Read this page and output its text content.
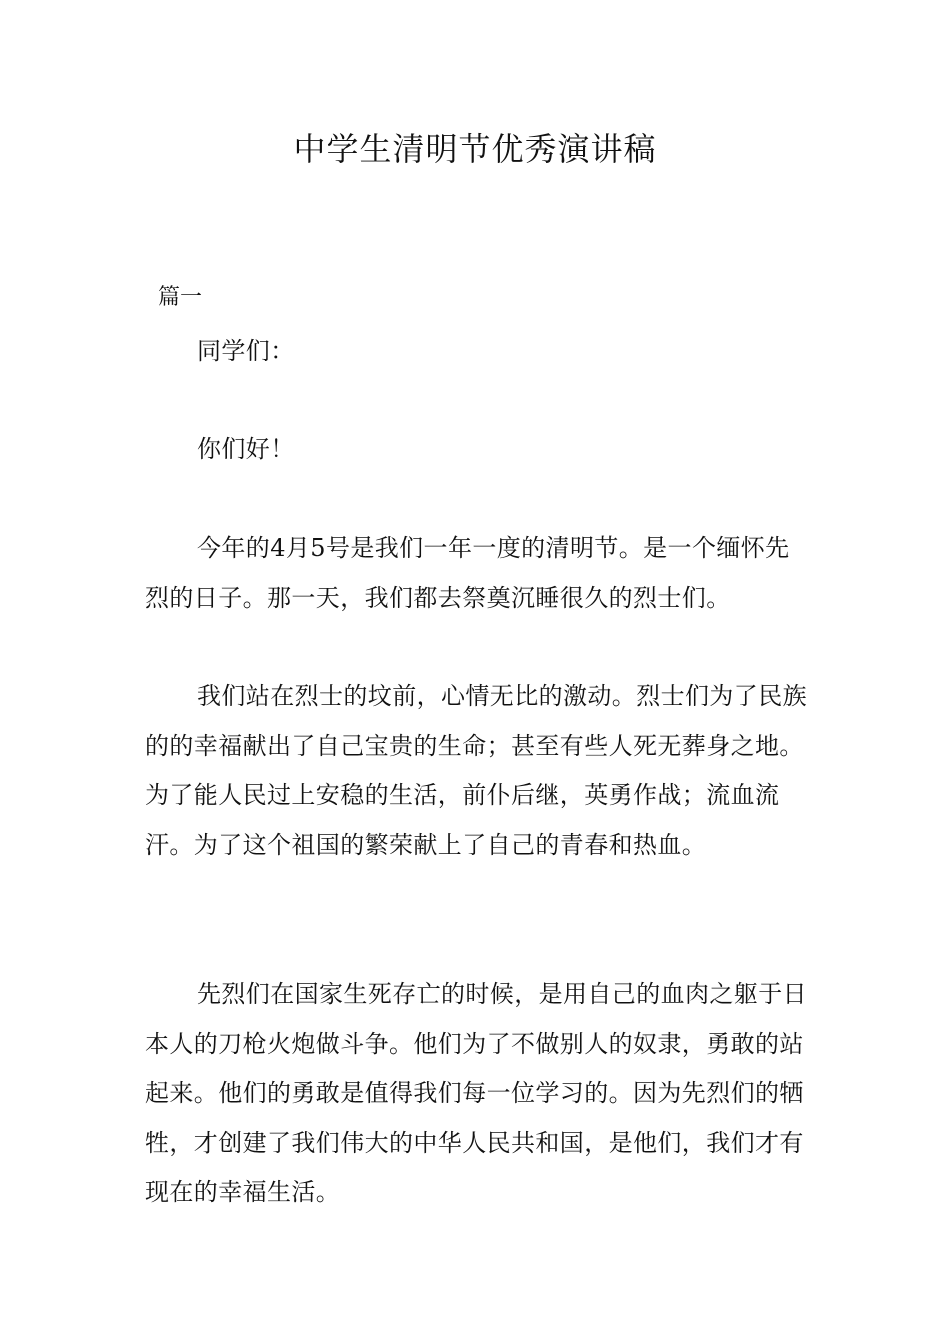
中学生清明节优秀演讲稿

篇一

同学们：

你们好！

今年的4月5号是我们一年一度的清明节。是一个缅怀先烈的日子。那一天，我们都去祭奠沉睡很久的烈士们。

我们站在烈士的坟前，心情无比的激动。烈士们为了民族的的幸福献出了自己宝贵的生命；甚至有些人死无葬身之地。为了能人民过上安稳的生活，前仆后继，英勇作战；流血流汗。为了这个祖国的繁荣献上了自己的青春和热血。

先烈们在国家生死存亡的时候，是用自己的血肉之躯于日本人的刀枪火炮做斗争。他们为了不做别人的奴隶，勇敢的站起来。他们的勇敢是值得我们每一位学习的。因为先烈们的牺牲，才创建了我们伟大的中华人民共和国，是他们，我们才有现在的幸福生活。
